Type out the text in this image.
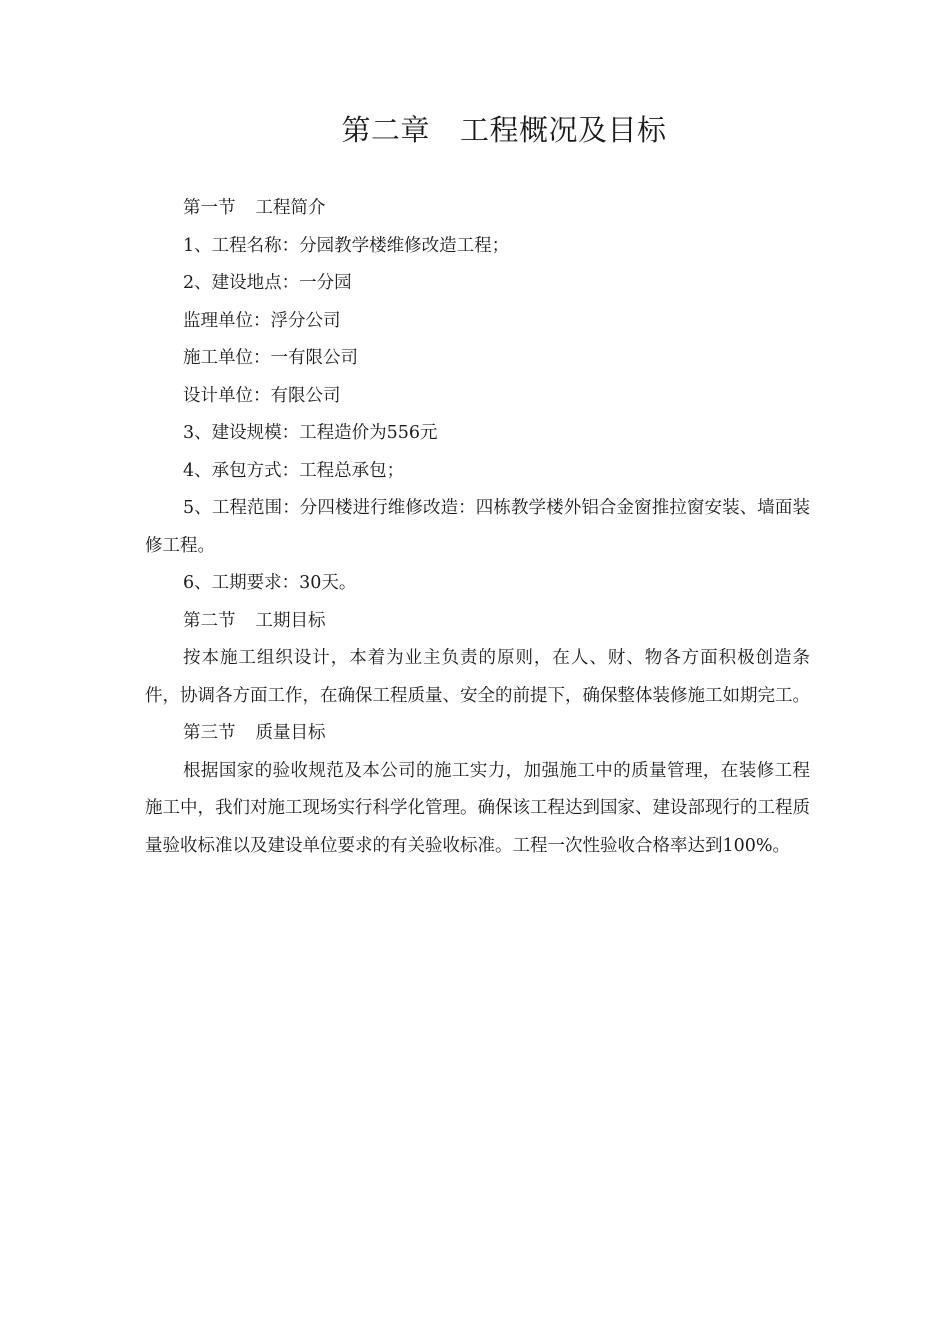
第二章 工程概况及目标

第一节 工程简介

1、工程名称：分园教学楼维修改造工程；

2、建设地点：一分园

监理单位：浮分公司

施工单位：一有限公司

设计单位：有限公司

3、建设规模：工程造价为556元

4、承包方式：工程总承包；

5、工程范围：分四楼进行维修改造：四栋教学楼外铝合金窗推拉窗安装、墙面装修工程。

6、工期要求：30天。

第二节 工期目标

按本施工组织设计，本着为业主负责的原则，在人、财、物各方面积极创造条件，协调各方面工作，在确保工程质量、安全的前提下，确保整体装修施工如期完工。

第三节 质量目标

根据国家的验收规范及本公司的施工实力，加强施工中的质量管理，在装修工程施工中，我们对施工现场实行科学化管理。确保该工程达到国家、建设部现行的工程质量验收标准以及建设单位要求的有关验收标准。工程一次性验收合格率达到100%。
